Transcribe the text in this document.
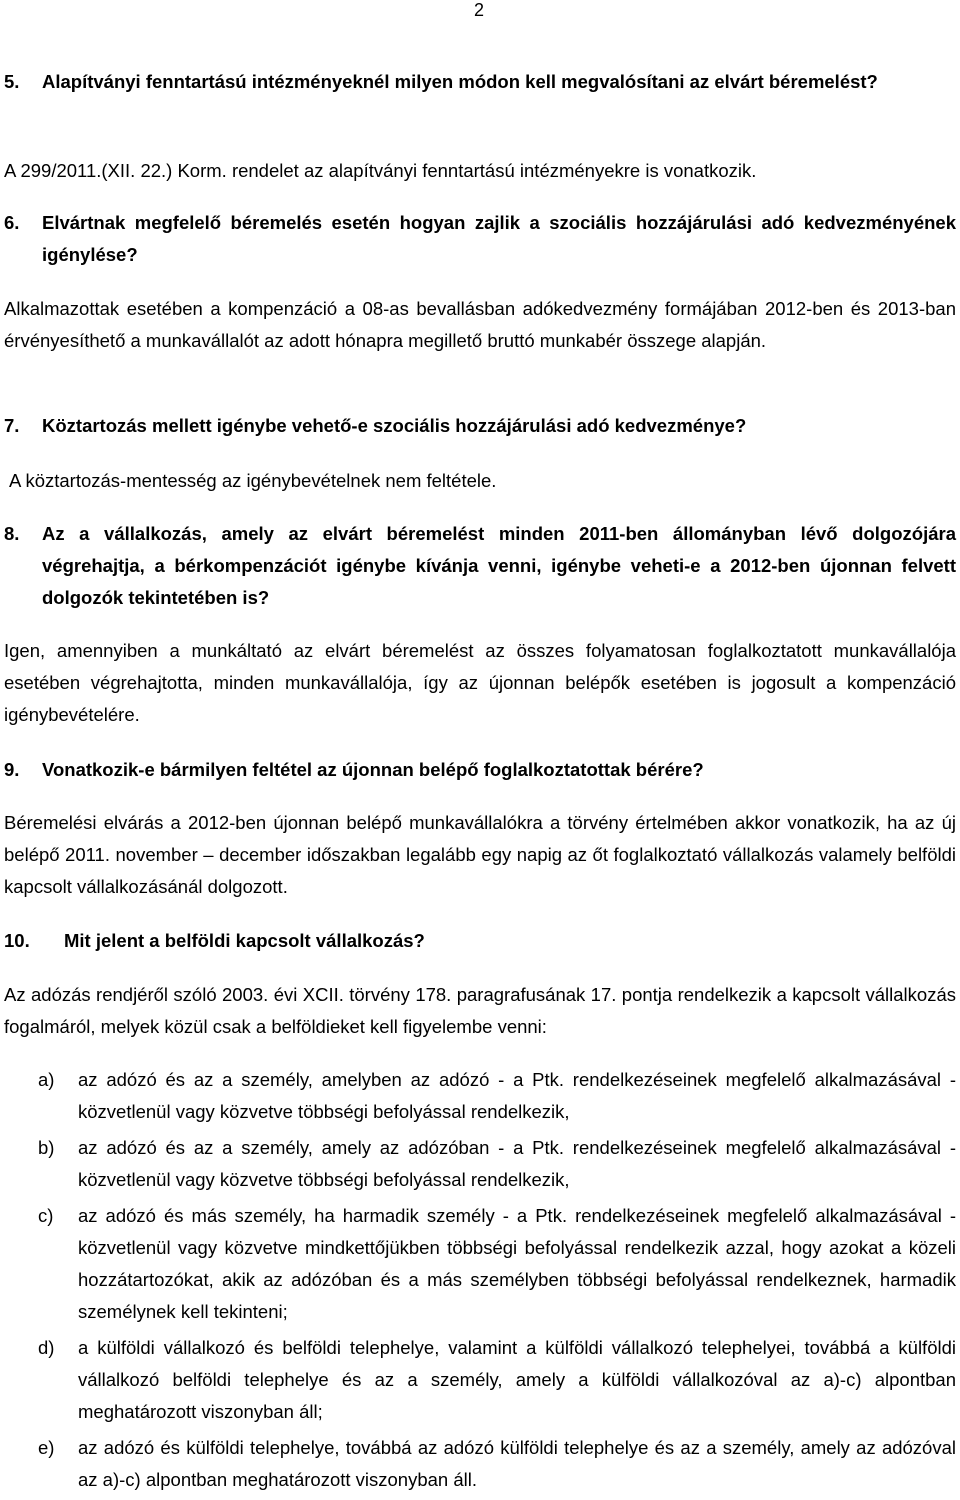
2
5.	Alapítványi fenntartású intézményeknél milyen módon kell megvalósítani az elvárt béremelést?
A 299/2011.(XII. 22.) Korm. rendelet az alapítványi fenntartású intézményekre is vonatkozik.
6.	Elvártnak megfelelő béremelés esetén hogyan zajlik a szociális hozzájárulási adó kedvezményének igénylése?
Alkalmazottak esetében a kompenzáció a 08-as bevallásban adókedvezmény formájában 2012-ben és 2013-ban érvényesíthető a munkavállalót az adott hónapra megillető bruttó munkabér összege alapján.
7.	Köztartozás mellett igénybe vehető-e szociális hozzájárulási adó kedvezménye?
A köztartozás-mentesség az igénybevételnek nem feltétele.
8.	Az a vállalkozás, amely az elvárt béremelést minden 2011-ben állományban lévő dolgozójára végrehajtja, a bérkompenzációt igénybe kívánja venni, igénybe veheti-e a 2012-ben újonnan felvett dolgozók tekintetében is?
Igen, amennyiben a munkáltató az elvárt béremelést az összes folyamatosan foglalkoztatott munkavállalója esetében végrehajtotta, minden munkavállalója, így az újonnan belépők esetében is jogosult a kompenzáció igénybevételére.
9.	Vonatkozik-e bármilyen feltétel az újonnan belépő foglalkoztatottak bérére?
Béremelési elvárás a 2012-ben újonnan belépő munkavállalókra a törvény értelmében akkor vonatkozik, ha az új belépő 2011. november – december időszakban legalább egy napig az őt foglalkoztató vállalkozás valamely belföldi kapcsolt vállalkozásánál dolgozott.
10.	Mit jelent a belföldi kapcsolt vállalkozás?
Az adózás rendjéről szóló 2003. évi XCII. törvény 178. paragrafusának 17. pontja rendelkezik a kapcsolt vállalkozás fogalmáról, melyek közül csak a belföldieket kell figyelembe venni:
a)	az adózó és az a személy, amelyben az adózó - a Ptk. rendelkezéseinek megfelelő alkalmazásával - közvetlenül vagy közvetve többségi befolyással rendelkezik,
b)	az adózó és az a személy, amely az adózóban - a Ptk. rendelkezéseinek megfelelő alkalmazásával - közvetlenül vagy közvetve többségi befolyással rendelkezik,
c)	az adózó és más személy, ha harmadik személy - a Ptk. rendelkezéseinek megfelelő alkalmazásával - közvetlenül vagy közvetve mindkettőjükben többségi befolyással rendelkezik azzal, hogy azokat a közeli hozzátartozókat, akik az adózóban és a más személyben többségi befolyással rendelkeznek, harmadik személynek kell tekinteni;
d)	a külföldi vállalkozó és belföldi telephelye, valamint a külföldi vállalkozó telephelyei, továbbá a külföldi vállalkozó belföldi telephelye és az a személy, amely a külföldi vállalkozóval az a)-c) alpontban meghatározott viszonyban áll;
e)	az adózó és külföldi telephelye, továbbá az adózó külföldi telephelye és az a személy, amely az adózóval az a)-c) alpontban meghatározott viszonyban áll.
